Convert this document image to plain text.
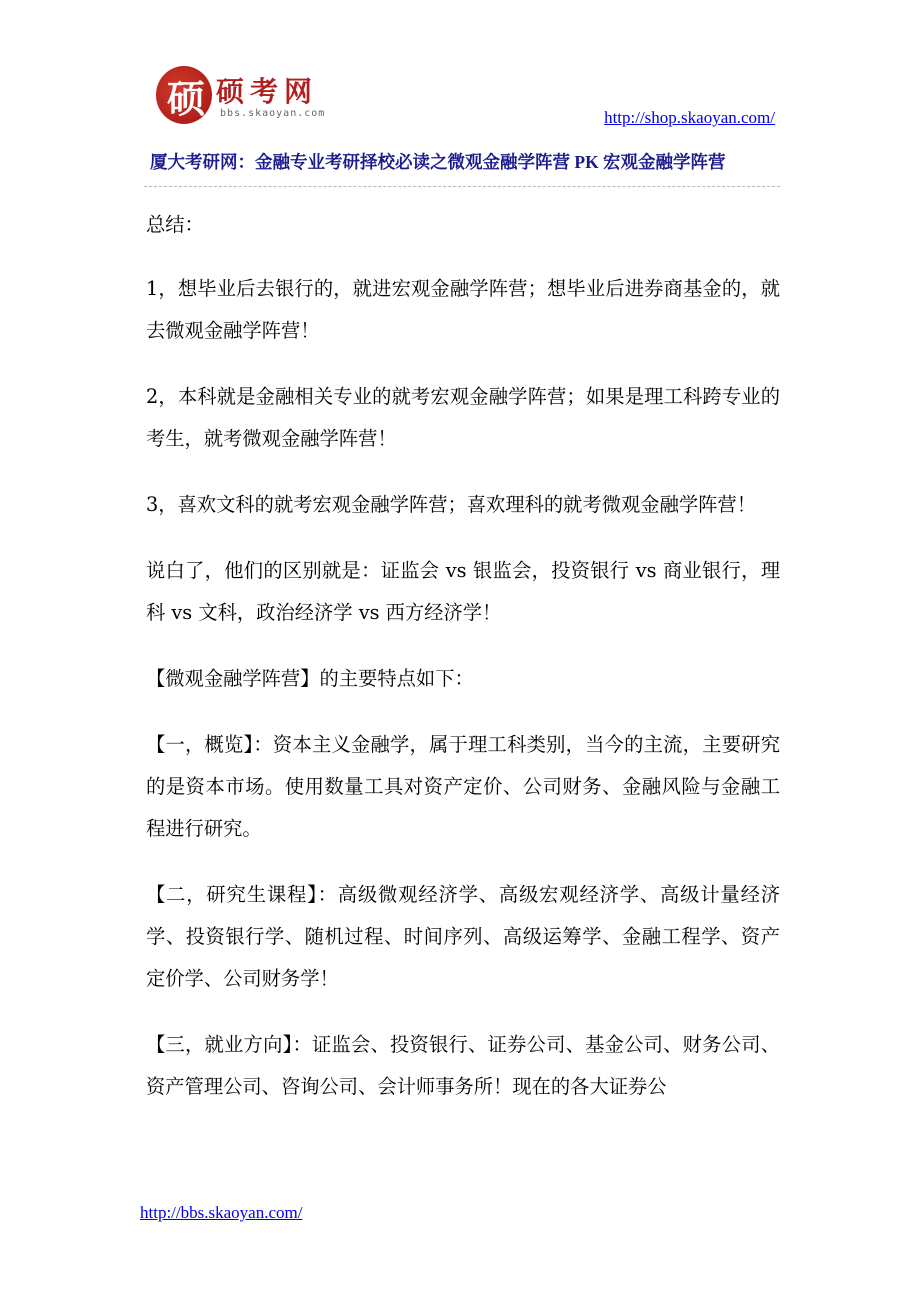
硕 硕考网
bbs.skaoyan.com	http://shop.skaoyan.com/
厦大考研网：金融专业考研择校必读之微观金融学阵营 PK 宏观金融学阵营

总结：

1，想毕业后去银行的，就进宏观金融学阵营；想毕业后进券商基金的，就去微观金融学阵营！

2，本科就是金融相关专业的就考宏观金融学阵营；如果是理工科跨专业的考生，就考微观金融学阵营！

3，喜欢文科的就考宏观金融学阵营；喜欢理科的就考微观金融学阵营！

说白了，他们的区别就是：证监会 vs 银监会，投资银行 vs 商业银行，理科 vs 文科，政治经济学 vs 西方经济学！

【微观金融学阵营】的主要特点如下：

【一，概览】：资本主义金融学，属于理工科类别，当今的主流，主要研究的是资本市场。使用数量工具对资产定价、公司财务、金融风险与金融工程进行研究。

【二，研究生课程】：高级微观经济学、高级宏观经济学、高级计量经济学、投资银行学、随机过程、时间序列、高级运筹学、金融工程学、资产定价学、公司财务学！

【三，就业方向】：证监会、投资银行、证券公司、基金公司、财务公司、资产管理公司、咨询公司、会计师事务所！现在的各大证券公

http://bbs.skaoyan.com/
